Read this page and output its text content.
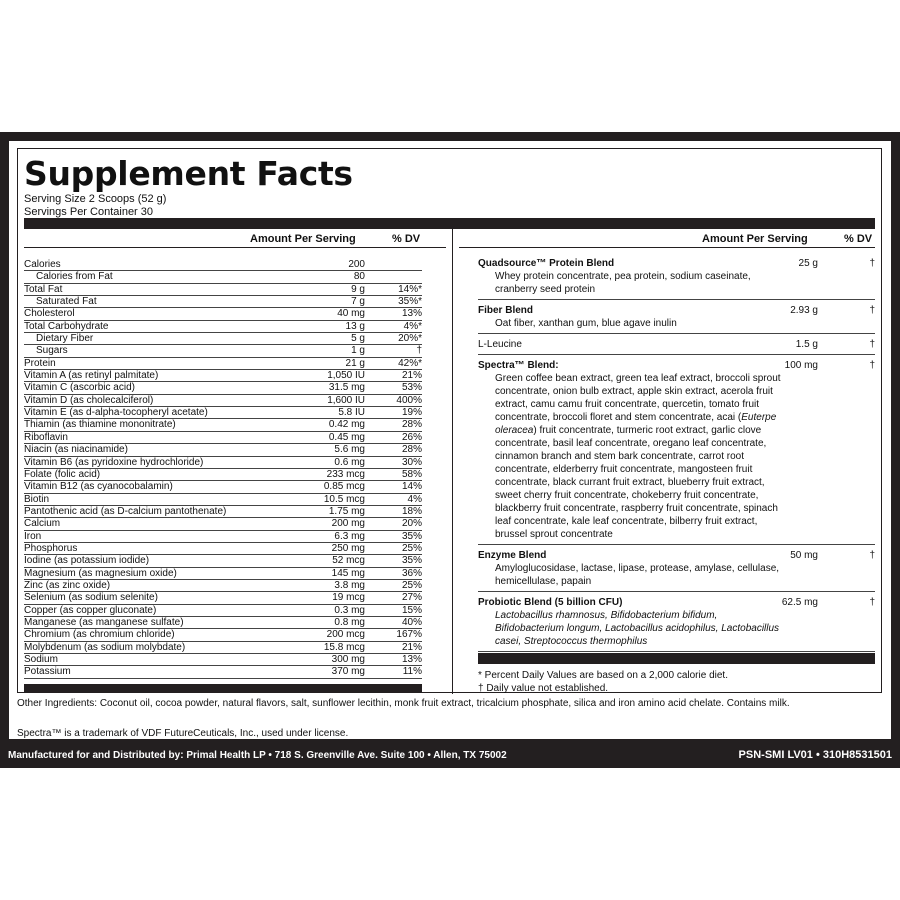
Supplement Facts
Serving Size 2 Scoops (52 g)
Servings Per Container 30
Amount Per Serving	% DV	Amount Per Serving	% DV
Calories	200
Calories from Fat	80
Total Fat	9 g	14%*
Saturated Fat	7 g	35%*
Cholesterol	40 mg	13%
Total Carbohydrate	13 g	4%*
Dietary Fiber	5 g	20%*
Sugars	1 g	†
Protein	21 g	42%*
Vitamin A (as retinyl palmitate)	1,050 IU	21%
Vitamin C (ascorbic acid)	31.5 mg	53%
Vitamin D (as cholecalciferol)	1,600 IU	400%
Vitamin E (as d-alpha-tocopheryl acetate)	5.8 IU	19%
Thiamin (as thiamine mononitrate)	0.42 mg	28%
Riboflavin	0.45 mg	26%
Niacin (as niacinamide)	5.6 mg	28%
Vitamin B6 (as pyridoxine hydrochloride)	0.6 mg	30%
Folate (folic acid)	233 mcg	58%
Vitamin B12 (as cyanocobalamin)	0.85 mcg	14%
Biotin	10.5 mcg	4%
Pantothenic acid (as D-calcium pantothenate)	1.75 mg	18%
Calcium	200 mg	20%
Iron	6.3 mg	35%
Phosphorus	250 mg	25%
Iodine (as potassium iodide)	52 mcg	35%
Magnesium (as magnesium oxide)	145 mg	36%
Zinc (as zinc oxide)	3.8 mg	25%
Selenium (as sodium selenite)	19 mcg	27%
Copper (as copper gluconate)	0.3 mg	15%
Manganese (as manganese sulfate)	0.8 mg	40%
Chromium (as chromium chloride)	200 mcg	167%
Molybdenum (as sodium molybdate)	15.8 mcg	21%
Sodium	300 mg	13%
Potassium	370 mg	11%
Quadsource™ Protein Blend	25 g	†
Whey protein concentrate, pea protein, sodium caseinate, cranberry seed protein
Fiber Blend	2.93 g	†
Oat fiber, xanthan gum, blue agave inulin
L-Leucine	1.5 g	†
Spectra™ Blend:	100 mg	†
Green coffee bean extract, green tea leaf extract, broccoli sprout concentrate, onion bulb extract, apple skin extract, acerola fruit extract, camu camu fruit concentrate, quercetin, tomato fruit concentrate, broccoli floret and stem concentrate, acai (Euterpe oleracea) fruit concentrate, turmeric root extract, garlic clove concentrate, basil leaf concentrate, oregano leaf concentrate, cinnamon branch and stem bark concentrate, carrot root concentrate, elderberry fruit concentrate, mangosteen fruit concentrate, black currant fruit extract, blueberry fruit extract, sweet cherry fruit concentrate, chokeberry fruit concentrate, blackberry fruit concentrate, raspberry fruit concentrate, spinach leaf concentrate, kale leaf concentrate, bilberry fruit extract, brussel sprout concentrate
Enzyme Blend	50 mg	†
Amyloglucosidase, lactase, lipase, protease, amylase, cellulase, hemicellulase, papain
Probiotic Blend (5 billion CFU)	62.5 mg	†
Lactobacillus rhamnosus, Bifidobacterium bifidum, Bifidobacterium longum, Lactobacillus acidophilus, Lactobacillus casei, Streptococcus thermophilus
* Percent Daily Values are based on a 2,000 calorie diet.
† Daily value not established.
Other Ingredients: Coconut oil, cocoa powder, natural flavors, salt, sunflower lecithin, monk fruit extract, tricalcium phosphate, silica and iron amino acid chelate. Contains milk.
Spectra™ is a trademark of VDF FutureCeuticals, Inc., used under license.
Manufactured for and Distributed by: Primal Health LP • 718 S. Greenville Ave. Suite 100 • Allen, TX 75002	PSN-SMI LV01 • 310H8531501
